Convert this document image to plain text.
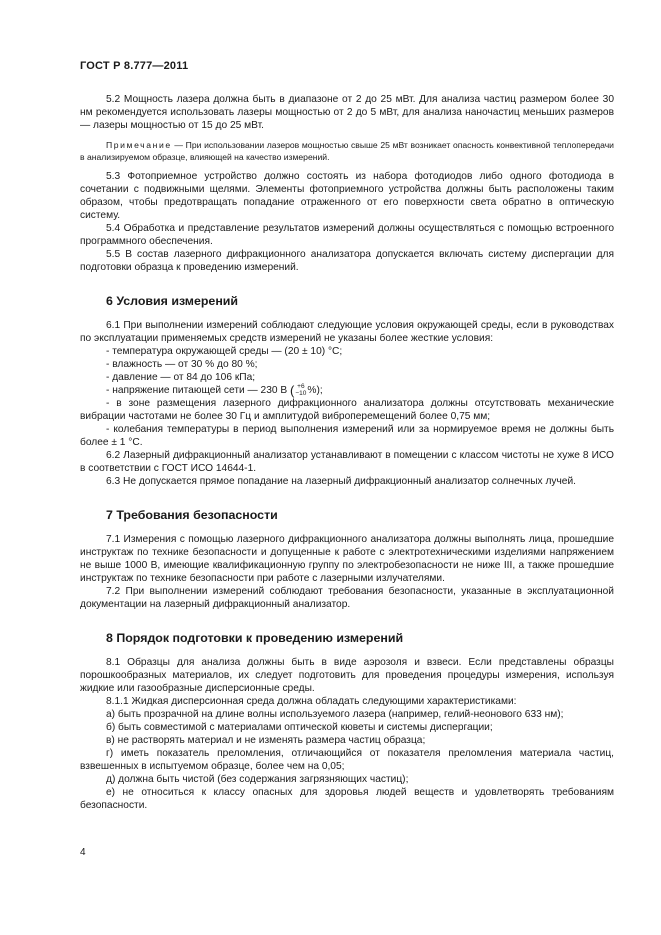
ГОСТ Р 8.777—2011

5.2 Мощность лазера должна быть в диапазоне от 2 до 25 мВт. Для анализа частиц размером более 30 нм рекомендуется использовать лазеры мощностью от 2 до 5 мВт, для анализа наночастиц меньших размеров — лазеры мощностью от 15 до 25 мВт.

Примечание — При использовании лазеров мощностью свыше 25 мВт возникает опасность конвективной теплопередачи в анализируемом образце, влияющей на качество измерений.

5.3 Фотоприемное устройство должно состоять из набора фотодиодов либо одного фотодиода в сочетании с подвижными щелями. Элементы фотоприемного устройства должны быть расположены таким образом, чтобы предотвращать попадание отраженного от его поверхности света обратно в оптическую систему.

5.4 Обработка и представление результатов измерений должны осуществляться с помощью встроенного программного обеспечения.

5.5 В состав лазерного дифракционного анализатора допускается включать систему диспергации для подготовки образца к проведению измерений.

6 Условия измерений

6.1 При выполнении измерений соблюдают следующие условия окружающей среды, если в руководствах по эксплуатации применяемых средств измерений не указаны более жесткие условия:

- температура окружающей среды — (20 ± 10) °С;

- влажность — от 30 % до 80 %;

- давление — от 84 до 106 кПа;

- напряжение питающей сети — 230 В ( +6
−10%);

- в зоне размещения лазерного дифракционного анализатора должны отсутствовать механические вибрации частотами не более 30 Гц и амплитудой виброперемещений более 0,75 мм;

- колебания температуры в период выполнения измерений или за нормируемое время не должны быть более ± 1 °С.

6.2 Лазерный дифракционный анализатор устанавливают в помещении с классом чистоты не хуже 8 ИСО в соответствии с ГОСТ ИСО 14644-1.

6.3 Не допускается прямое попадание на лазерный дифракционный анализатор солнечных лучей.

7 Требования безопасности

7.1 Измерения с помощью лазерного дифракционного анализатора должны выполнять лица, прошедшие инструктаж по технике безопасности и допущенные к работе с электротехническими изделиями напряжением не выше 1000 В, имеющие квалификационную группу по электробезопасности не ниже III, а также прошедшие инструктаж по технике безопасности при работе с лазерными излучателями.

7.2 При выполнении измерений соблюдают требования безопасности, указанные в эксплуатационной документации на лазерный дифракционный анализатор.

8 Порядок подготовки к проведению измерений

8.1 Образцы для анализа должны быть в виде аэрозоля и взвеси. Если представлены образцы порошкообразных материалов, их следует подготовить для проведения процедуры измерения, используя жидкие или газообразные дисперсионные среды.

8.1.1 Жидкая дисперсионная среда должна обладать следующими характеристиками:

а) быть прозрачной на длине волны используемого лазера (например, гелий-неонового 633 нм);

б) быть совместимой с материалами оптической кюветы и системы диспергации;

в) не растворять материал и не изменять размера частиц образца;

г) иметь показатель преломления, отличающийся от показателя преломления материала частиц, взвешенных в испытуемом образце, более чем на 0,05;

д) должна быть чистой (без содержания загрязняющих частиц);

е) не относиться к классу опасных для здоровья людей веществ и удовлетворять требованиям безопасности.

4
